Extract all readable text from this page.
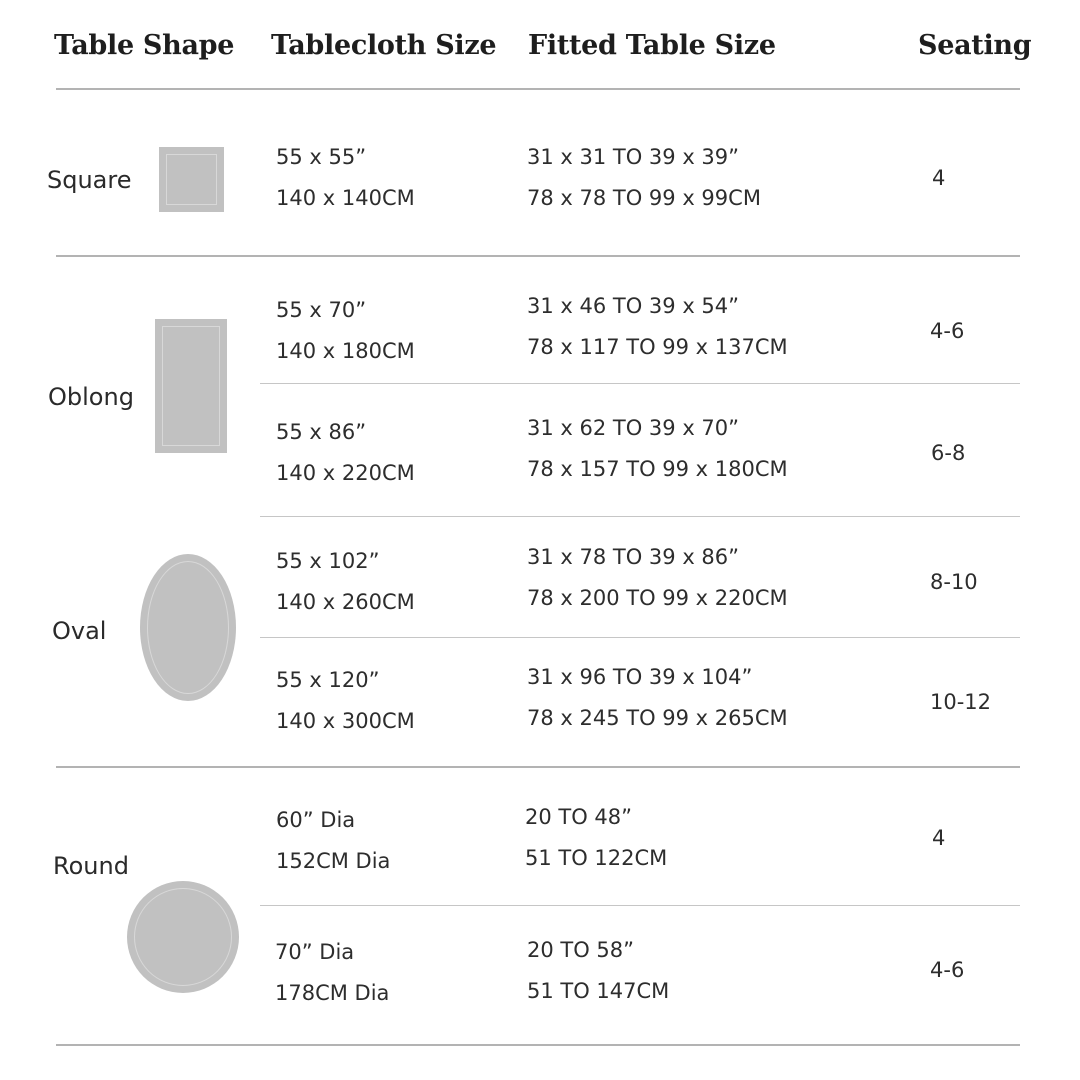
Table Shape Tablecloth Size Fitted Table Size	Seating
Square
Oblong
Oval
Round
55 x 55”
140 x 140CM
31 x 31 TO 39 x 39”
78 x 78 TO 99 x 99CM
4
55 x 70”
140 x 180CM
31 x 46 TO 39 x 54”
78 x 117 TO 99 x 137CM
4-6
55 x 86”
140 x 220CM
31 x 62 TO 39 x 70”
78 x 157 TO 99 x 180CM
6-8
55 x 102”
140 x 260CM
31 x 78 TO 39 x 86”
78 x 200 TO 99 x 220CM
8-10
55 x 120”
140 x 300CM
31 x 96 TO 39 x 104”
78 x 245 TO 99 x 265CM
10-12
60” Dia
152CM Dia
20 TO 48”
51 TO 122CM
4
70” Dia
178CM Dia
20 TO 58”
51 TO 147CM
4-6
